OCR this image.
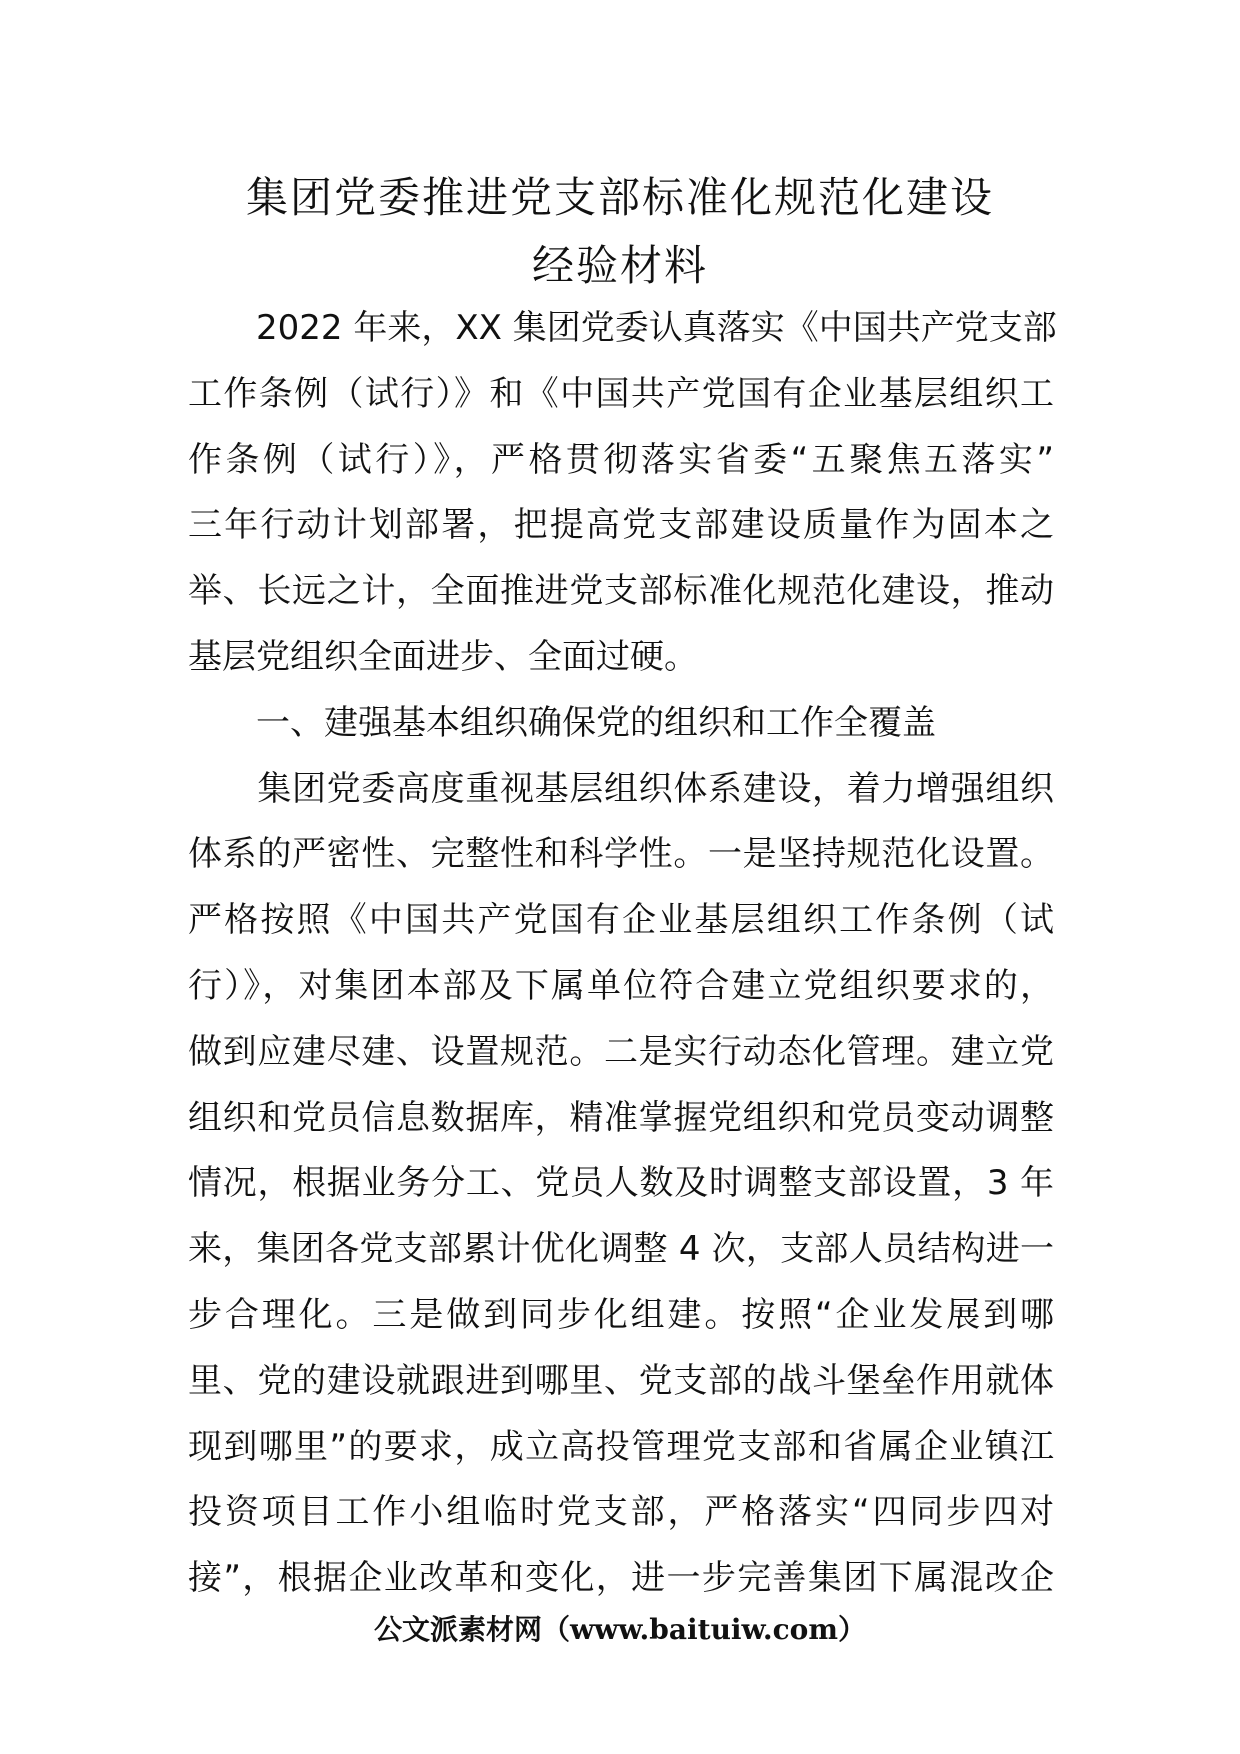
集团党委推进党支部标准化规范化建设
经验材料
　　2022 年来，XX 集团党委认真落实《中国共产党支部
工作条例（试行）》和《中国共产党国有企业基层组织工
作条例（试行）》，严格贯彻落实省委“五聚焦五落实”
三年行动计划部署，把提高党支部建设质量作为固本之
举、长远之计，全面推进党支部标准化规范化建设，推动
基层党组织全面进步、全面过硬。
　　一、建强基本组织确保党的组织和工作全覆盖
　　集团党委高度重视基层组织体系建设，着力增强组织
体系的严密性、完整性和科学性。一是坚持规范化设置。
严格按照《中国共产党国有企业基层组织工作条例（试
行）》，对集团本部及下属单位符合建立党组织要求的，
做到应建尽建、设置规范。二是实行动态化管理。建立党
组织和党员信息数据库，精准掌握党组织和党员变动调整
情况，根据业务分工、党员人数及时调整支部设置，3 年
来，集团各党支部累计优化调整 4 次，支部人员结构进一
步合理化。三是做到同步化组建。按照“企业发展到哪
里、党的建设就跟进到哪里、党支部的战斗堡垒作用就体
现到哪里”的要求，成立高投管理党支部和省属企业镇江
投资项目工作小组临时党支部，严格落实“四同步四对
接”，根据企业改革和变化，进一步完善集团下属混改企
公文派素材网（www.baituiw.com）
